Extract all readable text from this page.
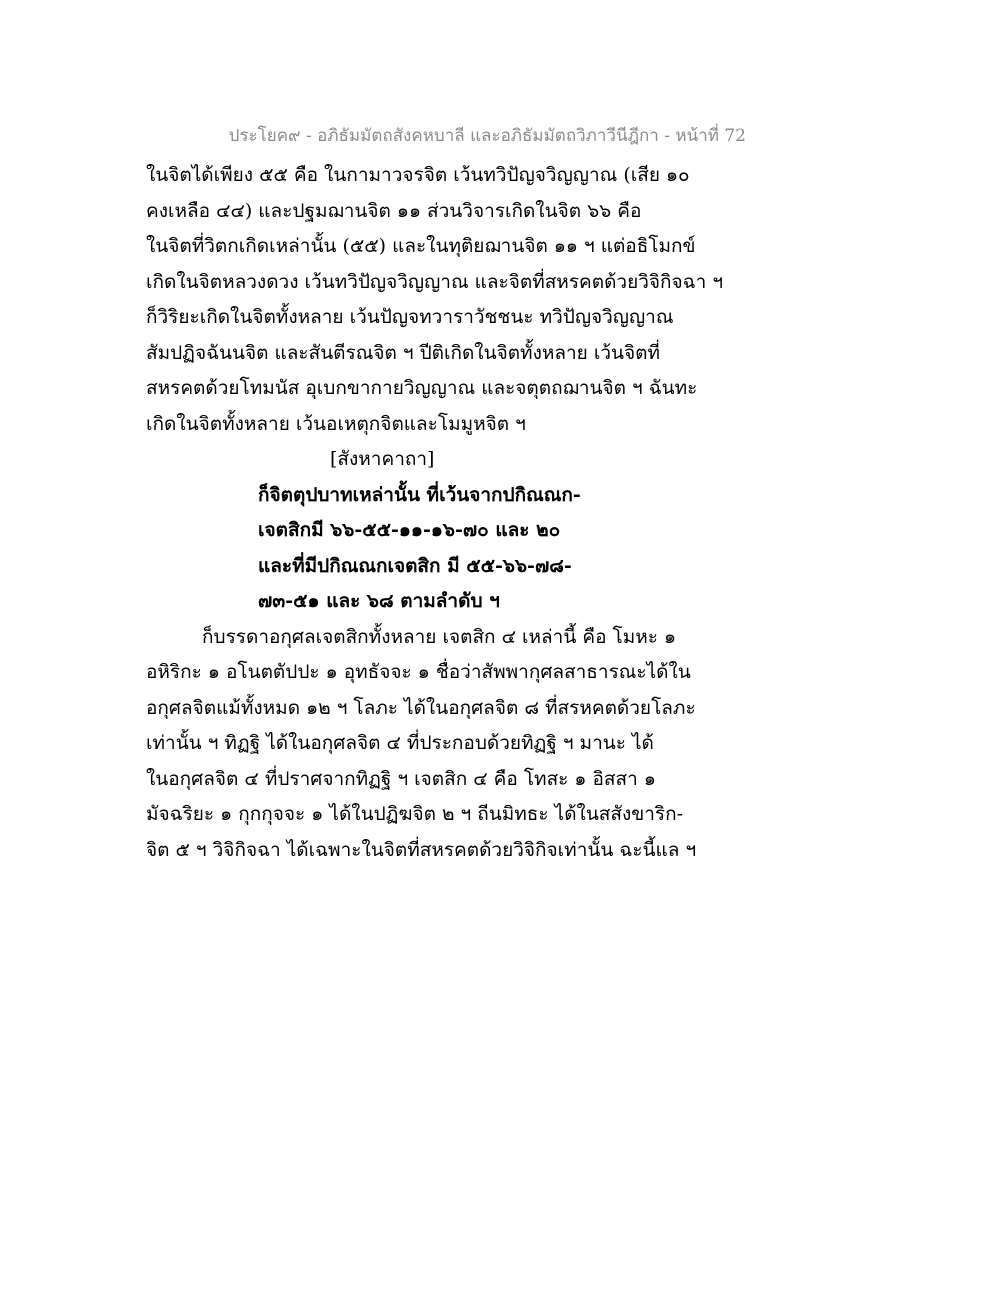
ประโยค๙ - อภิธัมมัตถสังคหบาลี และอภิธัมมัตถวิภาวีนีฎีกา - หน้าที่ 72
ในจิตได้เพียง ๕๕ คือ ในกามาวจรจิต เว้นทวิปัญจวิญญาณ (เสีย ๑๐
คงเหลือ ๔๔) และปฐมฌานจิต ๑๑ ส่วนวิจารเกิดในจิต ๖๖ คือ
ในจิตที่วิตกเกิดเหล่านั้น (๕๕) และในทุติยฌานจิต ๑๑ ฯ แต่อธิโมกข์
เกิดในจิตหลวงดวง เว้นทวิปัญจวิญญาณ และจิตที่สหรคตด้วยวิจิกิจฉา ฯ
ก็วิริยะเกิดในจิตทั้งหลาย เว้นปัญจทวาราวัชชนะ ทวิปัญจวิญญาณ
สัมปฏิจฉันนจิต และสันตีรณจิต ฯ ปีติเกิดในจิตทั้งหลาย เว้นจิตที่
สหรคตด้วยโทมนัส อุเบกขากายวิญญาณ และจตุตถฌานจิต ฯ ฉันทะ
เกิดในจิตทั้งหลาย เว้นอเหตุกจิตและโมมูหจิต ฯ
[สังหาคาถา]
ก็จิตตุปบาทเหล่านั้น ที่เว้นจากปกิณณก-
เจตสิกมี ๖๖-๕๕-๑๑-๑๖-๗๐ และ ๒๐
และที่มีปกิณณกเจตสิก มี ๕๕-๖๖-๗๘-
๗๓-๕๑ และ ๖๘ ตามลำดับ ฯ
ก็บรรดาอกุศลเจตสิกทั้งหลาย เจตสิก ๔ เหล่านี้ คือ โมหะ ๑
อหิริกะ ๑ อโนตตัปปะ ๑ อุทธัจจะ ๑ ชื่อว่าสัพพากุศลสาธารณะได้ใน
อกุศลจิตแม้ทั้งหมด ๑๒ ฯ โลภะ ได้ในอกุศลจิต ๘ ที่สรหคตด้วยโลภะ
เท่านั้น ฯ ทิฏฐิ ได้ในอกุศลจิต ๔ ที่ประกอบด้วยทิฏฐิ ฯ มานะ ได้
ในอกุศลจิต ๔ ที่ปราศจากทิฏฐิ ฯ เจตสิก ๔ คือ โทสะ ๑ อิสสา ๑
มัจฉริยะ ๑ กุกกุจจะ ๑ ได้ในปฏิฆจิต ๒ ฯ ถีนมิทธะ ได้ในสสังขาริก-
จิต ๕ ฯ วิจิกิจฉา ได้เฉพาะในจิตที่สหรคตด้วยวิจิกิจเท่านั้น ฉะนี้แล ฯ
